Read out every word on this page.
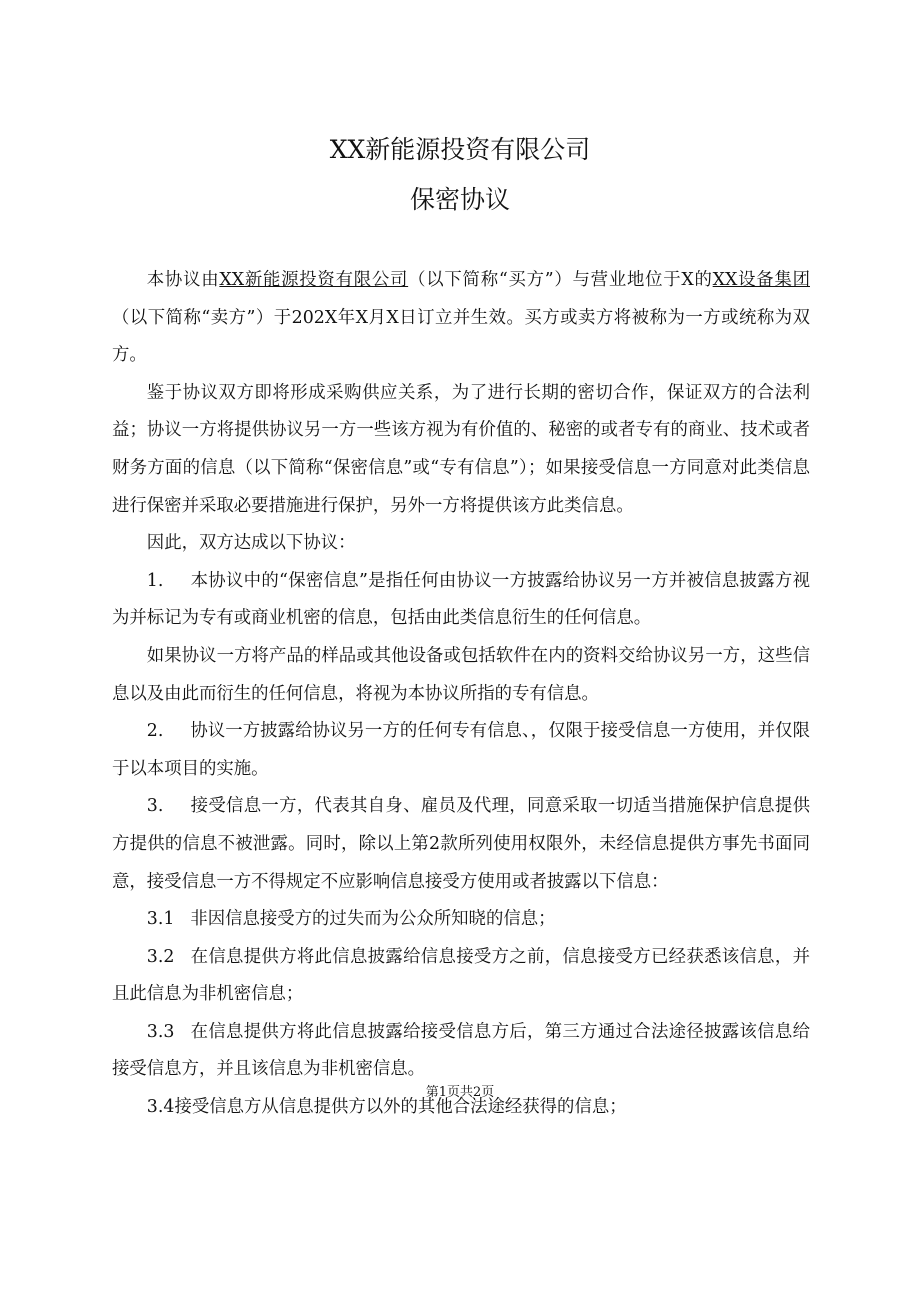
XX新能源投资有限公司
保密协议

本协议由XX新能源投资有限公司（以下简称“买方”）与营业地位于X的XX设备集团（以下简称“卖方”）于202X年X月X日订立并生效。买方或卖方将被称为一方或统称为双方。

鉴于协议双方即将形成采购供应关系，为了进行长期的密切合作，保证双方的合法利益；协议一方将提供协议另一方一些该方视为有价值的、秘密的或者专有的商业、技术或者财务方面的信息（以下简称“保密信息”或“专有信息”）；如果接受信息一方同意对此类信息进行保密并采取必要措施进行保护，另外一方将提供该方此类信息。

因此，双方达成以下协议：

1. 本协议中的“保密信息”是指任何由协议一方披露给协议另一方并被信息披露方视为并标记为专有或商业机密的信息，包括由此类信息衍生的任何信息。

如果协议一方将产品的样品或其他设备或包括软件在内的资料交给协议另一方，这些信息以及由此而衍生的任何信息，将视为本协议所指的专有信息。

2. 协议一方披露给协议另一方的任何专有信息、，仅限于接受信息一方使用，并仅限于以本项目的实施。

3. 接受信息一方，代表其自身、雇员及代理，同意采取一切适当措施保护信息提供方提供的信息不被泄露。同时，除以上第2款所列使用权限外，未经信息提供方事先书面同意，接受信息一方不得规定不应影响信息接受方使用或者披露以下信息：

3.1 非因信息接受方的过失而为公众所知晓的信息；

3.2 在信息提供方将此信息披露给信息接受方之前，信息接受方已经获悉该信息，并且此信息为非机密信息；

3.3 在信息提供方将此信息披露给接受信息方后，第三方通过合法途径披露该信息给接受信息方，并且该信息为非机密信息。

3.4接受信息方从信息提供方以外的其他合法途经获得的信息；

第1页共2页
